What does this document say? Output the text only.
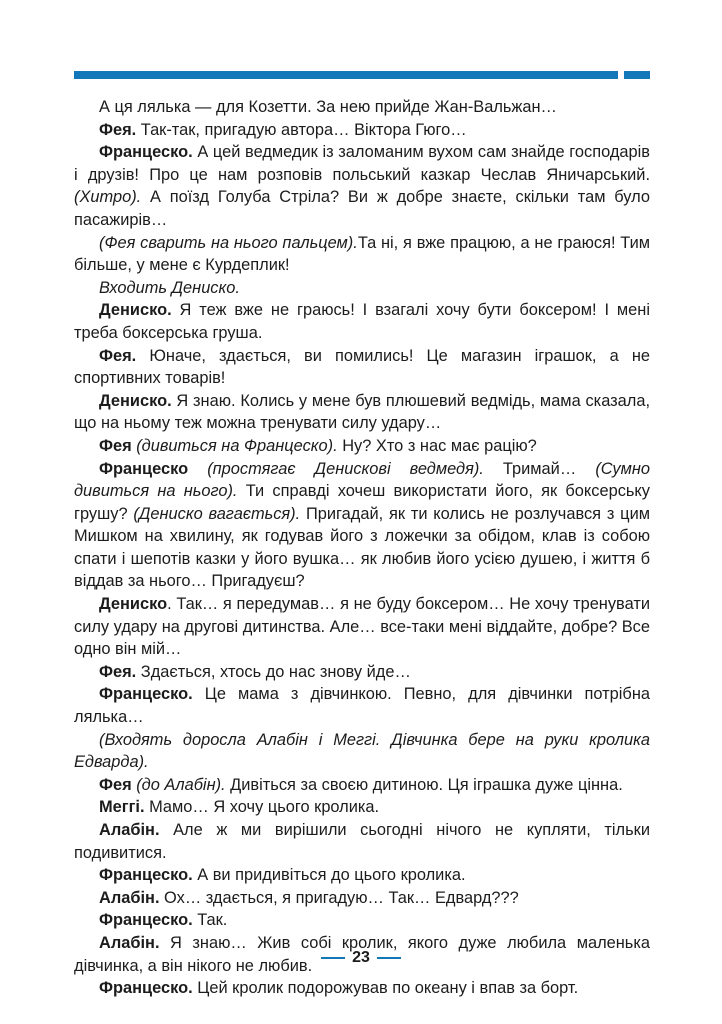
А ця лялька — для Козетти. За нею прийде Жан-Вальжан…

Фея. Так-так, пригадую автора… Віктора Гюго…

Францеско. А цей ведмедик із заломаним вухом сам знайде господарів і друзів! Про це нам розповів польський казкар Чеслав Яничарський. (Хитро). А поїзд Голуба Стріла? Ви ж добре знаєте, скільки там було пасажирів…

(Фея сварить на нього пальцем).Та ні, я вже працюю, а не граюся! Тим більше, у мене є Курдеплик!

Входить Дениско.

Дениско. Я теж вже не граюсь! І взагалі хочу бути боксером! І мені треба боксерська груша.

Фея. Юначе, здається, ви помились! Це магазин іграшок, а не спортивних товарів!

Дениско. Я знаю. Колись у мене був плюшевий ведмідь, мама сказала, що на ньому теж можна тренувати силу удару…

Фея (дивиться на Францеско). Ну? Хто з нас має рацію?

Францеско (простягає Денискові ведмедя). Тримай… (Сумно дивиться на нього). Ти справді хочеш використати його, як боксерську грушу? (Дениско вагається). Пригадай, як ти колись не розлучався з цим Мишком на хвилину, як годував його з ложечки за обідом, клав із собою спати і шепотів казки у його вушка… як любив його усією душею, і життя б віддав за нього… Пригадуєш?

Дениско. Так… я передумав… я не буду боксером… Не хочу тренувати силу удару на другові дитинства. Але… все-таки мені віддайте, добре? Все одно він мій…

Фея. Здається, хтось до нас знову йде…

Францеско. Це мама з дівчинкою. Певно, для дівчинки потрібна лялька…

(Входять доросла Алабін і Меггі. Дівчинка бере на руки кролика Едварда).

Фея (до Алабін). Дивіться за своєю дитиною. Ця іграшка дуже цінна.

Меггі. Мамо… Я хочу цього кролика.

Алабін. Але ж ми вирішили сьогодні нічого не купляти, тільки подивитися.

Францеско. А ви придивіться до цього кролика.

Алабін. Ох… здається, я пригадую… Так… Едвард???

Францеско. Так.

Алабін. Я знаю… Жив собі кролик, якого дуже любила маленька дівчинка, а він нікого не любив.

Францеско. Цей кролик подорожував по океану і впав за борт.

23
